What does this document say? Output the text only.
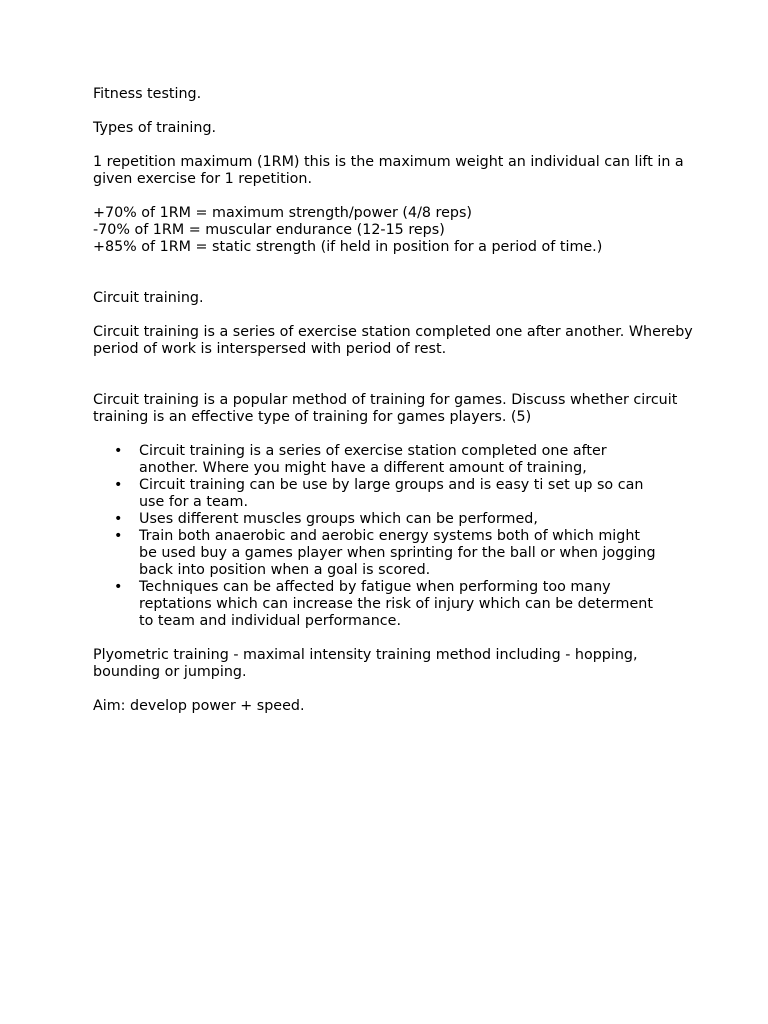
Fitness testing.

Types of training.

1 repetition maximum (1RM) this is the maximum weight an individual can lift in a given exercise for 1 repetition.

+70% of 1RM = maximum strength/power (4/8 reps)

-70% of 1RM = muscular endurance (12-15 reps)

+85% of 1RM = static strength (if held in position for a period of time.)

Circuit training.

Circuit training is a series of exercise station completed one after another. Whereby period of work is interspersed with period of rest.

Circuit training is a popular method of training for games. Discuss whether circuit training is an effective type of training for games players. (5)

• Circuit training is a series of exercise station completed one after another. Where you might have a different amount of training,
• Circuit training can be use by large groups and is easy ti set up so can use for a team.
• Uses different muscles groups which can be performed,
• Train both anaerobic and aerobic energy systems both of which might be used buy a games player when sprinting for the ball or when jogging back into position when a goal is scored.
• Techniques can be affected by fatigue when performing too many reptations which can increase the risk of injury which can be determent to team and individual performance.

Plyometric training - maximal intensity training method including - hopping, bounding or jumping.

Aim: develop power + speed.
